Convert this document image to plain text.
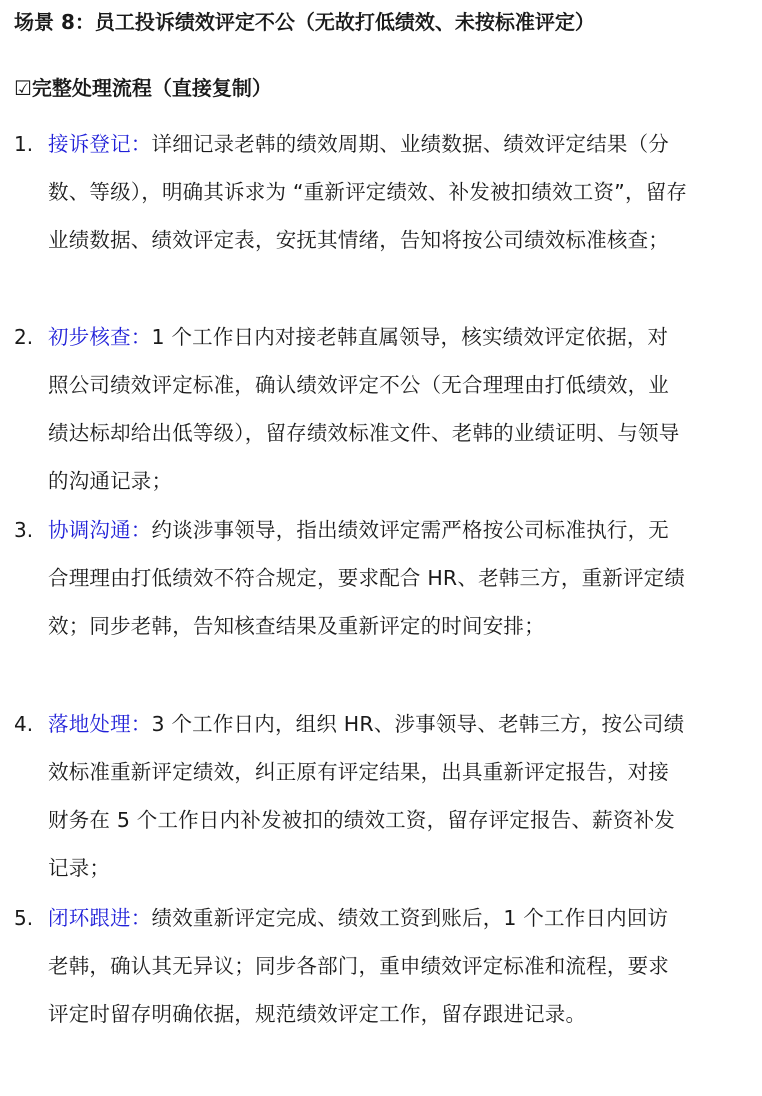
场景 8：员工投诉绩效评定不公（无故打低绩效、未按标准评定）
☑完整处理流程（直接复制）
1. 接诉登记：详细记录老韩的绩效周期、业绩数据、绩效评定结果（分数、等级），明确其诉求为 “重新评定绩效、补发被扣绩效工资”，留存业绩数据、绩效评定表，安抚其情绪，告知将按公司绩效标准核查；
2. 初步核查：1 个工作日内对接老韩直属领导，核实绩效评定依据，对照公司绩效评定标准，确认绩效评定不公（无合理理由打低绩效，业绩达标却给出低等级），留存绩效标准文件、老韩的业绩证明、与领导的沟通记录；
3. 协调沟通：约谈涉事领导，指出绩效评定需严格按公司标准执行，无合理理由打低绩效不符合规定，要求配合 HR、老韩三方，重新评定绩效；同步老韩，告知核查结果及重新评定的时间安排；
4. 落地处理：3 个工作日内，组织 HR、涉事领导、老韩三方，按公司绩效标准重新评定绩效，纠正原有评定结果，出具重新评定报告，对接财务在 5 个工作日内补发被扣的绩效工资，留存评定报告、薪资补发记录；
5. 闭环跟进：绩效重新评定完成、绩效工资到账后，1 个工作日内回访老韩，确认其无异议；同步各部门，重申绩效评定标准和流程，要求评定时留存明确依据，规范绩效评定工作，留存跟进记录。
